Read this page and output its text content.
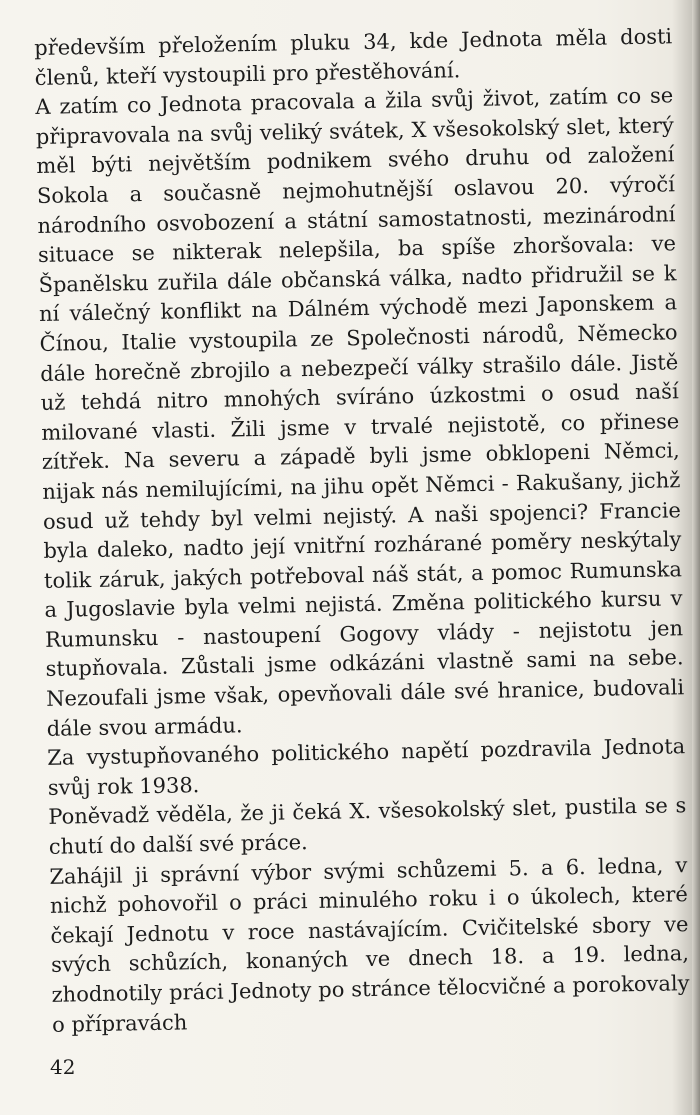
především přeložením pluku 34, kde Jednota měla dosti členů, kteří vystoupili pro přestěhování.

A zatím co Jednota pracovala a žila svůj život, zatím co se připravovala na svůj veliký svátek, X všesokolský slet, který měl býti největším podnikem svého druhu od založení Sokola a současně nejmohutnější oslavou 20. výročí národního osvobození a státní samostatnosti, mezinárodní situace se nikterak nelepšila, ba spíše zhoršovala: ve Španělsku zuřila dále občanská válka, nadto přidružil se k ní válečný konflikt na Dálném východě mezi Japonskem a Čínou, Italie vystoupila ze Společnosti národů, Německo dále horečně zbrojilo a nebezpečí války strašilo dále. Jistě už tehdá nitro mnohých svíráno úzkostmi o osud naší milované vlasti. Žili jsme v trvalé nejistotě, co přinese zítřek. Na severu a západě byli jsme obklopeni Němci, nijak nás nemilujícími, na jihu opět Němci - Rakušany, jichž osud už tehdy byl velmi nejistý. A naši spojenci? Francie byla daleko, nadto její vnitřní rozhárané poměry neskýtaly tolik záruk, jakých potřeboval náš stát, a pomoc Rumunska a Jugoslavie byla velmi nejistá. Změna politického kursu v Rumunsku - nastoupení Gogovy vlády - nejistotu jen stupňovala. Zůstali jsme odkázáni vlastně sami na sebe. Nezoufali jsme však, opevňovali dále své hranice, budovali dále svou armádu.

Za vystupňovaného politického napětí pozdravila Jednota svůj rok 1938.

Poněvadž věděla, že ji čeká X. všesokolský slet, pustila se s chutí do další své práce.

Zahájil ji správní výbor svými schůzemi 5. a 6. ledna, v nichž pohovořil o práci minulého roku i o úkolech, které čekají Jednotu v roce nastávajícím. Cvičitelské sbory ve svých schůzích, konaných ve dnech 18. a 19. ledna, zhodnotily práci Jednoty po stránce tělocvičné a porokovaly o přípravách

42
